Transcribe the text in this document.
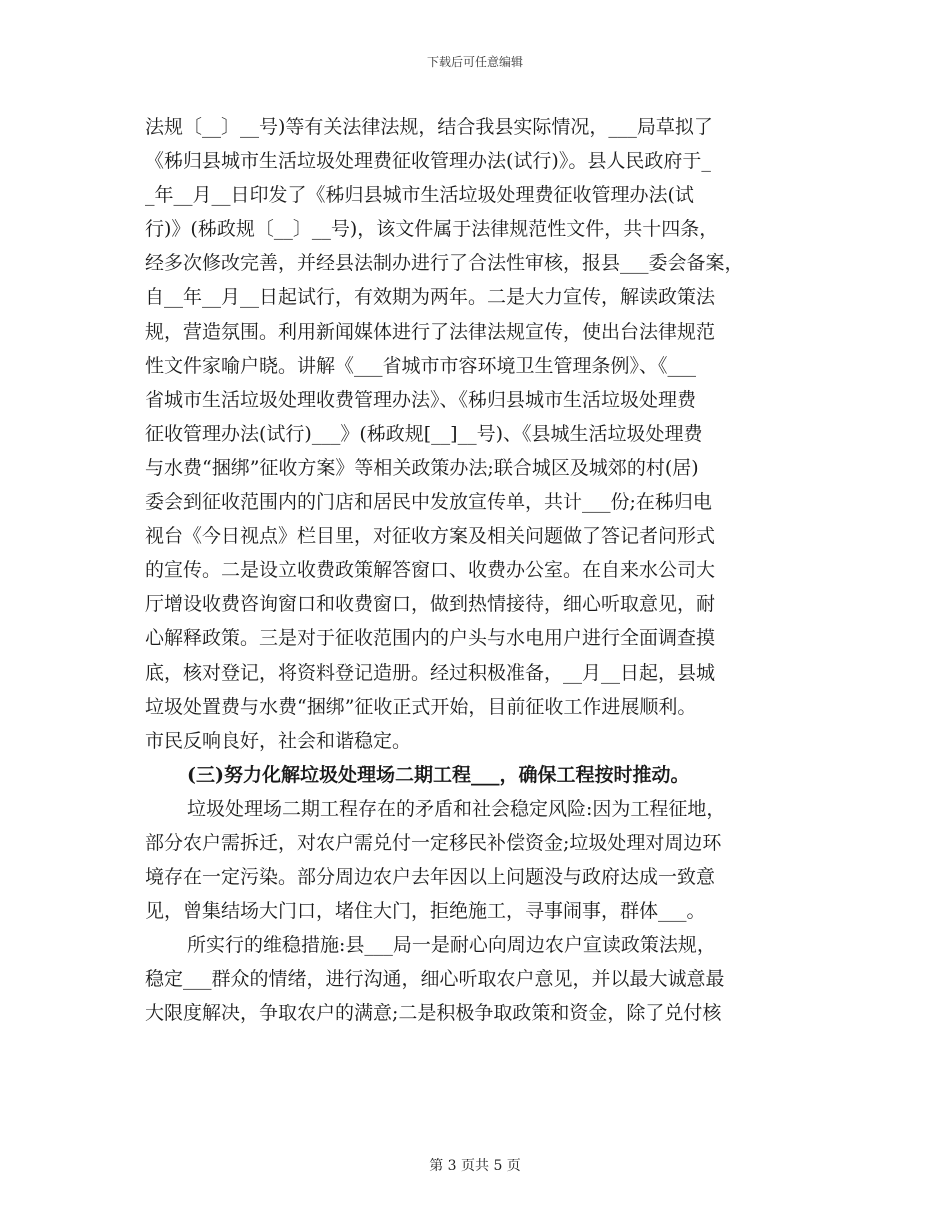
下载后可任意编辑
法规〔__〕__号)等有关法律法规，结合我县实际情况，___局草拟了
《秭归县城市生活垃圾处理费征收管理办法(试行)》。县人民政府于_
_年__月__日印发了《秭归县城市生活垃圾处理费征收管理办法(试
行)》(秭政规〔__〕__号)，该文件属于法律规范性文件，共十四条，
经多次修改完善，并经县法制办进行了合法性审核，报县___委会备案，
自__年__月__日起试行，有效期为两年。二是大力宣传，解读政策法
规，营造氛围。利用新闻媒体进行了法律法规宣传，使出台法律规范
性文件家喻户晓。讲解《___省城市市容环境卫生管理条例》、《___
省城市生活垃圾处理收费管理办法》、《秭归县城市生活垃圾处理费
征收管理办法(试行)___》(秭政规[__]__号)、《县城生活垃圾处理费
与水费“捆绑”征收方案》等相关政策办法;联合城区及城郊的村(居)
委会到征收范围内的门店和居民中发放宣传单，共计___份;在秭归电
视台《今日视点》栏目里，对征收方案及相关问题做了答记者问形式
的宣传。二是设立收费政策解答窗口、收费办公室。在自来水公司大
厅增设收费咨询窗口和收费窗口，做到热情接待，细心听取意见，耐
心解释政策。三是对于征收范围内的户头与水电用户进行全面调查摸
底，核对登记，将资料登记造册。经过积极准备，__月__日起，县城
垃圾处置费与水费“捆绑”征收正式开始，目前征收工作进展顺利。
市民反响良好，社会和谐稳定。
(三)努力化解垃圾处理场二期工程___，确保工程按时推动。
垃圾处理场二期工程存在的矛盾和社会稳定风险:因为工程征地，
部分农户需拆迁，对农户需兑付一定移民补偿资金;垃圾处理对周边环
境存在一定污染。部分周边农户去年因以上问题没与政府达成一致意
见，曾集结场大门口，堵住大门，拒绝施工，寻事闹事，群体___。
所实行的维稳措施:县___局一是耐心向周边农户宣读政策法规，
稳定___群众的情绪，进行沟通，细心听取农户意见，并以最大诚意最
大限度解决，争取农户的满意;二是积极争取政策和资金，除了兑付核
第 3 页共 5 页
